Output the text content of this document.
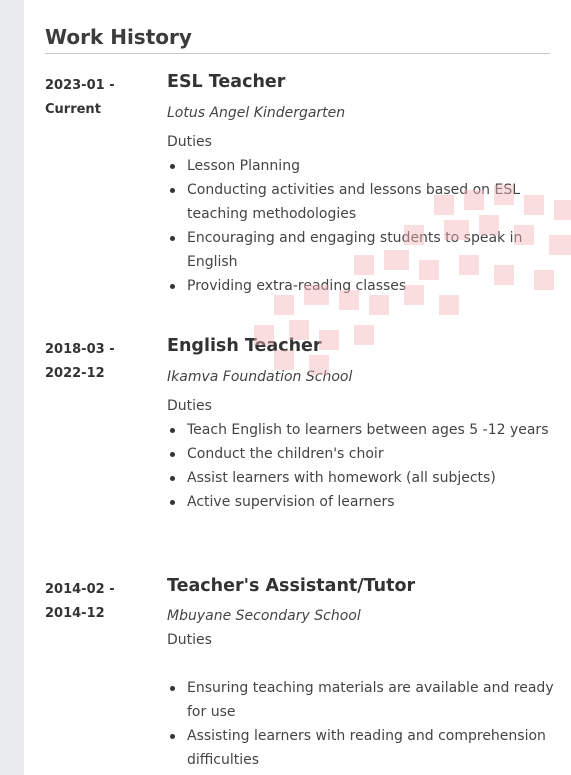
Work History
2023-01 -
Current
ESL Teacher
Lotus Angel Kindergarten
Duties
Lesson Planning
Conducting activities and lessons based on ESL teaching methodologies
Encouraging and engaging students to speak in English
Providing extra-reading classes
2018-03 -
2022-12
English Teacher
Ikamva Foundation School
Duties
Teach English to learners between ages 5 -12 years
Conduct the children's choir
Assist learners with homework (all subjects)
Active supervision of learners
2014-02 -
2014-12
Teacher's Assistant/Tutor
Mbuyane Secondary School
Duties
Ensuring teaching materials are available and ready for use
Assisting learners with reading and comprehension difficulties
